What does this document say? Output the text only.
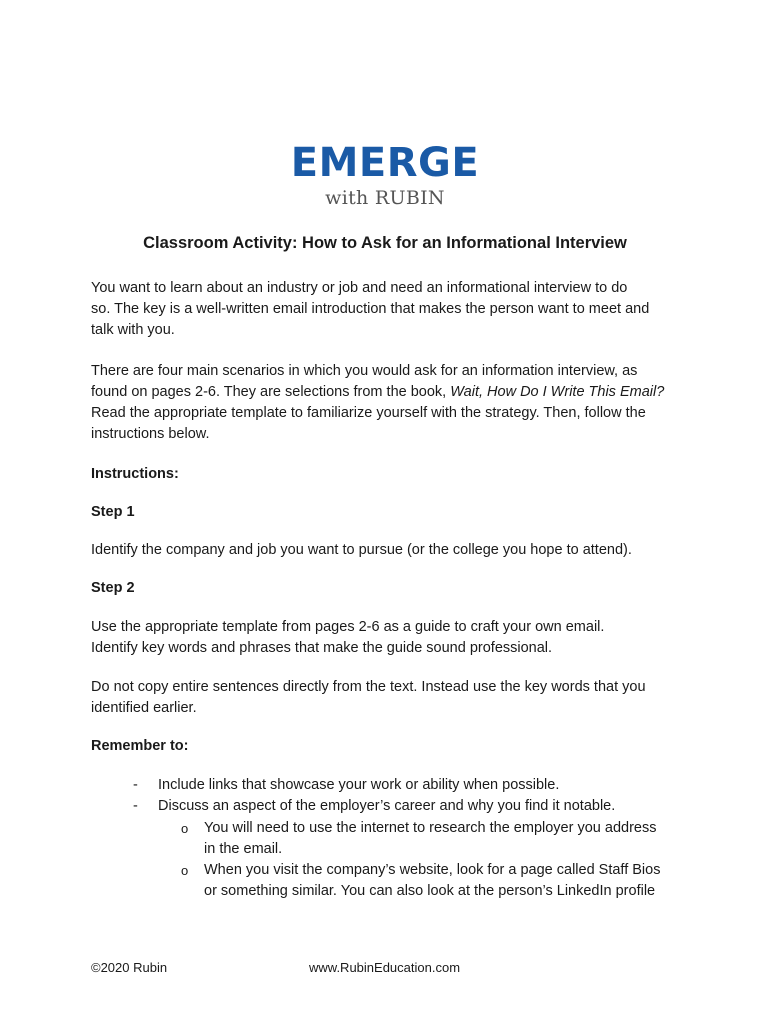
EMERGE
with RUBIN
Classroom Activity: How to Ask for an Informational Interview
You want to learn about an industry or job and need an informational interview to do
so. The key is a well-written email introduction that makes the person want to meet and
talk with you.
There are four main scenarios in which you would ask for an information interview, as
found on pages 2-6. They are selections from the book, Wait, How Do I Write This Email?
Read the appropriate template to familiarize yourself with the strategy. Then, follow the
instructions below.
Instructions:
Step 1
Identify the company and job you want to pursue (or the college you hope to attend).
Step 2
Use the appropriate template from pages 2-6 as a guide to craft your own email.
Identify key words and phrases that make the guide sound professional.
Do not copy entire sentences directly from the text. Instead use the key words that you
identified earlier.
Remember to:
- Include links that showcase your work or ability when possible.
- Discuss an aspect of the employer’s career and why you find it notable.
o You will need to use the internet to research the employer you address
in the email.
o When you visit the company’s website, look for a page called Staff Bios
or something similar. You can also look at the person’s LinkedIn profile
©2020 Rubin	www.RubinEducation.com
